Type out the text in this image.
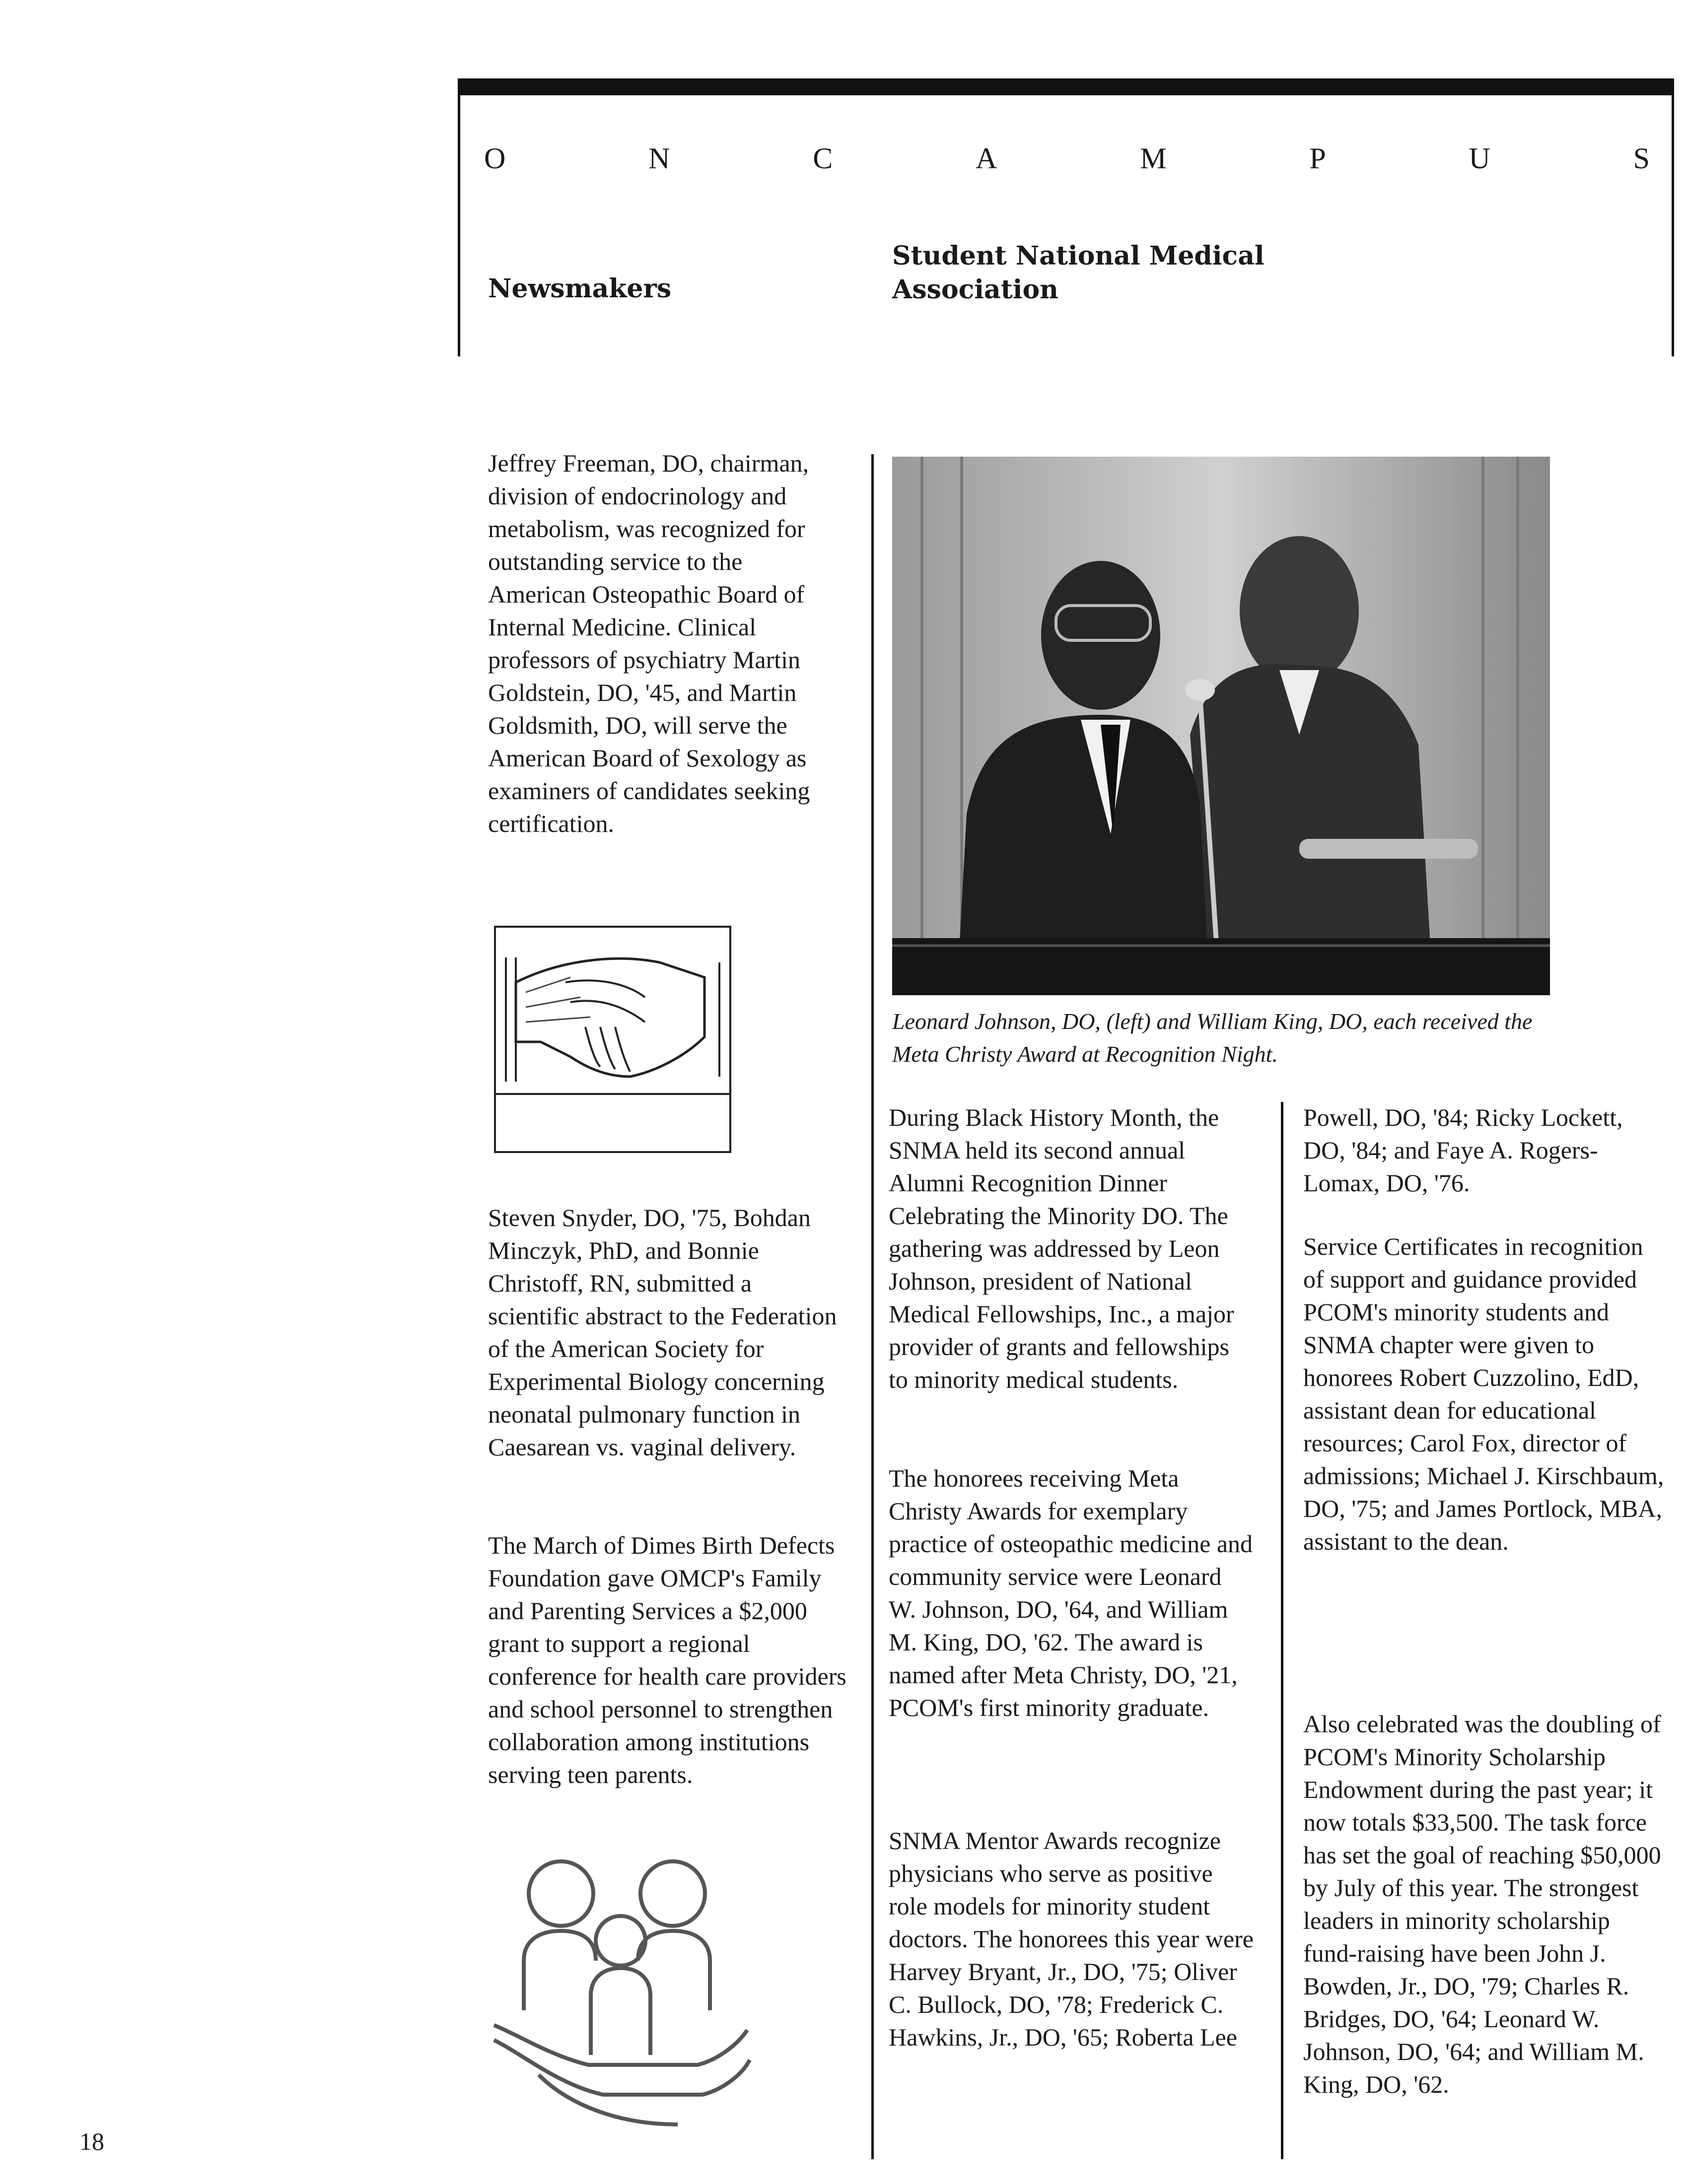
O	N	C	A	M	P	U	S
Newsmakers
Student National Medical Association
Jeffrey Freeman, DO, chairman, division of endocrinology and metabolism, was recognized for outstanding service to the American Osteopathic Board of Internal Medicine. Clinical professors of psychiatry Martin Goldstein, DO, '45, and Martin Goldsmith, DO, will serve the American Board of Sexology as examiners of candidates seeking certification.
Steven Snyder, DO, '75, Bohdan Minczyk, PhD, and Bonnie Christoff, RN, submitted a scientific abstract to the Federation of the American Society for Experimental Biology concerning neonatal pulmonary function in Caesarean vs. vaginal delivery.
The March of Dimes Birth Defects Foundation gave OMCP's Family and Parenting Services a $2,000 grant to support a regional conference for health care providers and school personnel to strengthen collaboration among institutions serving teen parents.
Leonard Johnson, DO, (left) and William King, DO, each received the Meta Christy Award at Recognition Night.
During Black History Month, the SNMA held its second annual Alumni Recognition Dinner Celebrating the Minority DO. The gathering was addressed by Leon Johnson, president of National Medical Fellowships, Inc., a major provider of grants and fellowships to minority medical students.
The honorees receiving Meta Christy Awards for exemplary practice of osteopathic medicine and community service were Leonard W. Johnson, DO, '64, and William M. King, DO, '62. The award is named after Meta Christy, DO, '21, PCOM's first minority graduate.
SNMA Mentor Awards recognize physicians who serve as positive role models for minority student doctors. The honorees this year were Harvey Bryant, Jr., DO, '75; Oliver C. Bullock, DO, '78; Frederick C. Hawkins, Jr., DO, '65; Roberta Lee
Powell, DO, '84; Ricky Lockett, DO, '84; and Faye A. Rogers-Lomax, DO, '76.
Service Certificates in recognition of support and guidance provided PCOM's minority students and SNMA chapter were given to honorees Robert Cuzzolino, EdD, assistant dean for educational resources; Carol Fox, director of admissions; Michael J. Kirschbaum, DO, '75; and James Portlock, MBA, assistant to the dean.
Also celebrated was the doubling of PCOM's Minority Scholarship Endowment during the past year; it now totals $33,500. The task force has set the goal of reaching $50,000 by July of this year. The strongest leaders in minority scholarship fund-raising have been John J. Bowden, Jr., DO, '79; Charles R. Bridges, DO, '64; Leonard W. Johnson, DO, '64; and William M. King, DO, '62.
18
